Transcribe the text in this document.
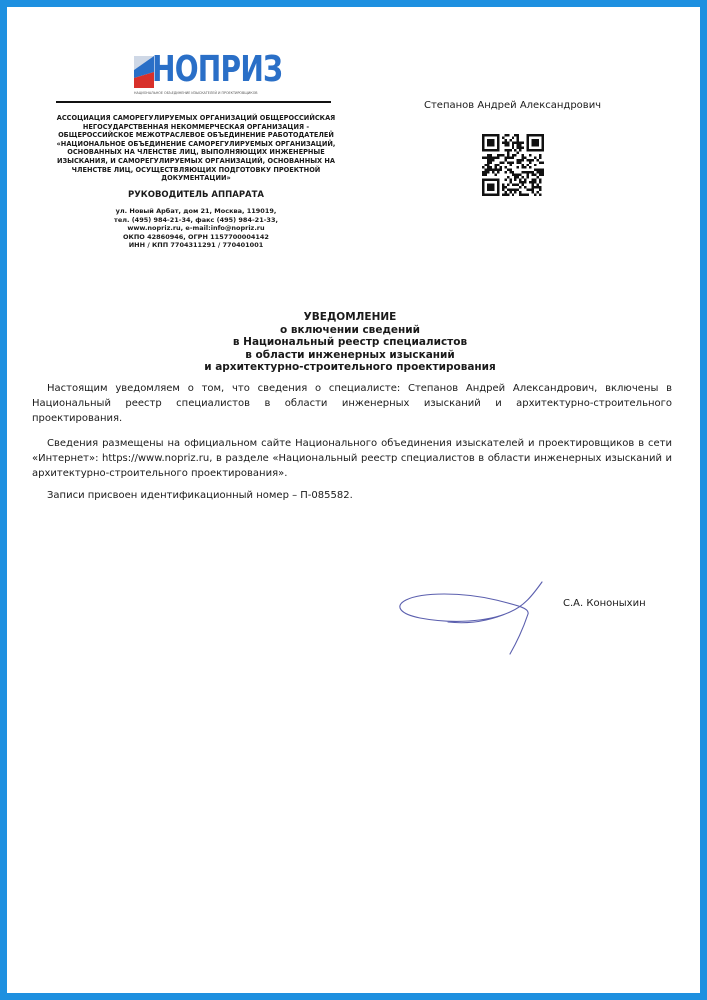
НОПРИЗ
НАЦИОНАЛЬНОЕ ОБЪЕДИНЕНИЕ ИЗЫСКАТЕЛЕЙ И ПРОЕКТИРОВЩИКОВ
АССОЦИАЦИЯ САМОРЕГУЛИРУЕМЫХ ОРГАНИЗАЦИЙ ОБЩЕРОССИЙСКАЯ
НЕГОСУДАРСТВЕННАЯ НЕКОММЕРЧЕСКАЯ ОРГАНИЗАЦИЯ -
ОБЩЕРОССИЙСКОЕ МЕЖОТРАСЛЕВОЕ ОБЪЕДИНЕНИЕ РАБОТОДАТЕЛЕЙ
«НАЦИОНАЛЬНОЕ ОБЪЕДИНЕНИЕ САМОРЕГУЛИРУЕМЫХ ОРГАНИЗАЦИЙ,
ОСНОВАННЫХ НА ЧЛЕНСТВЕ ЛИЦ, ВЫПОЛНЯЮЩИХ ИНЖЕНЕРНЫЕ
ИЗЫСКАНИЯ, И САМОРЕГУЛИРУЕМЫХ ОРГАНИЗАЦИЙ, ОСНОВАННЫХ НА
ЧЛЕНСТВЕ ЛИЦ, ОСУЩЕСТВЛЯЮЩИХ ПОДГОТОВКУ ПРОЕКТНОЙ
ДОКУМЕНТАЦИИ»
РУКОВОДИТЕЛЬ АППАРАТА
ул. Новый Арбат, дом 21, Москва, 119019,
тел. (495) 984-21-34, факс (495) 984-21-33,
www.nopriz.ru, e-mail:info@nopriz.ru
ОКПО 42860946, ОГРН 1157700004142
ИНН / КПП 7704311291 / 770401001
Степанов Андрей Александрович
УВЕДОМЛЕНИЕ
о включении сведений
в Национальный реестр специалистов
в области инженерных изысканий
и архитектурно-строительного проектирования
Настоящим уведомляем о том, что сведения о специалисте: Степанов Андрей Александрович, включены в Национальный реестр специалистов в области инженерных изысканий и архитектурно-строительного проектирования.
Сведения размещены на официальном сайте Национального объединения изыскателей и проектировщиков в сети «Интернет»: https://www.nopriz.ru, в разделе «Национальный реестр специалистов в области инженерных изысканий и архитектурно-строительного проектирования».
Записи присвоен идентификационный номер – П-085582.
С.А. Кононыхин
